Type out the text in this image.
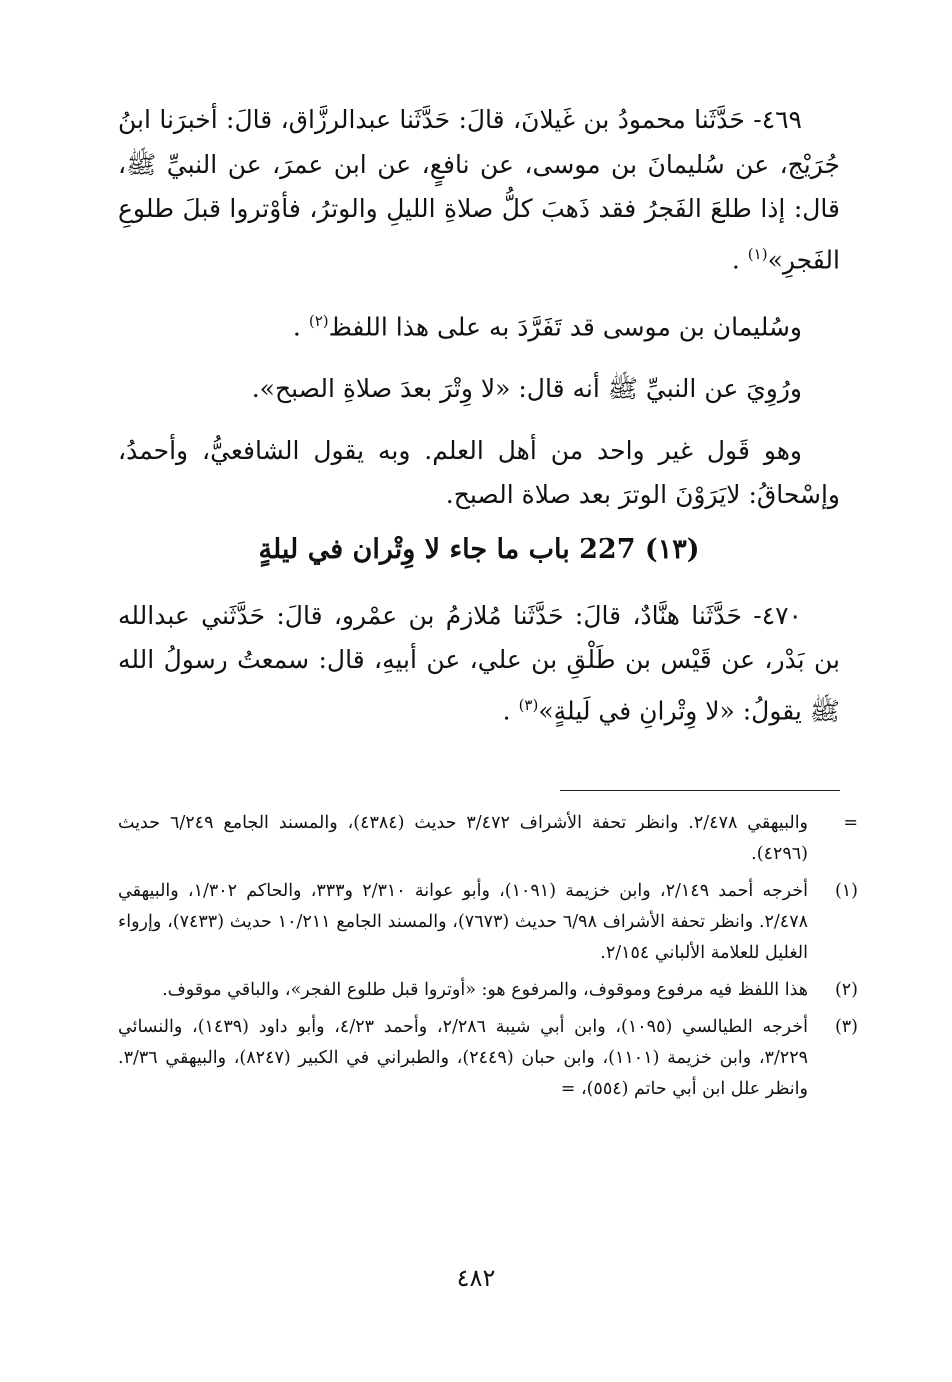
٤٦٩- حَدَّثَنا محمودُ بن غَيلانَ، قالَ: حَدَّثَنا عبدالرزَّاق، قالَ: أخبرَنا ابنُ جُرَيْج، عن سُليمانَ بن موسى، عن نافعٍ، عن ابن عمرَ، عن النبيِّ ﷺ، قال: إذا طلعَ الفَجرُ فقد ذَهبَ كلُّ صلاةِ الليلِ والوترُ، فأوْتروا قبلَ طلوعِ الفَجرِ»$^{(١)}$ .

وسُليمان بن موسى قد تَفَرَّدَ به على هذا اللفظ$^{(٢)}$ .

ورُوِيَ عن النبيِّ ﷺ أنه قال: «لا وِتْرَ بعدَ صلاةِ الصبح».

وهو قَول غير واحد من أهل العلم. وبه يقول الشافعيُّ، وأحمدُ، وإسْحاقُ: لايَرَوْنَ الوترَ بعد صلاة الصبح.

(١٣) 227 باب ما جاء لا وِتْران في ليلةٍ

٤٧٠- حَدَّثَنا هنَّادٌ، قالَ: حَدَّثَنا مُلازمُ بن عمْرو، قالَ: حَدَّثَني عبدالله بن بَدْر، عن قَيْس بن طَلْقِ بن علي، عن أبيهِ، قال: سمعتُ رسولُ الله ﷺ يقولُ: «لا وِتْرانِ في لَيلةٍ»$^{(٣)}$ .

=
والبيهقي ٢/٤٧٨. وانظر تحفة الأشراف ٣/٤٧٢ حديث (٤٣٨٤)، والمسند الجامع ٦/٢٤٩ حديث (٤٢٩٦).
(١)
أخرجه أحمد ٢/١٤٩، وابن خزيمة (١٠٩١)، وأبو عوانة ٢/٣١٠ و٣٣٣، والحاكم ١/٣٠٢، والبيهقي ٢/٤٧٨. وانظر تحفة الأشراف ٦/٩٨ حديث (٧٦٧٣)، والمسند الجامع ١٠/٢١١ حديث (٧٤٣٣)، وإرواء الغليل للعلامة الألباني ٢/١٥٤.
(٢)
هذا اللفظ فيه مرفوع وموقوف، والمرفوع هو: «أوتروا قبل طلوع الفجر»، والباقي موقوف.
(٣)
أخرجه الطيالسي (١٠٩٥)، وابن أبي شيبة ٢/٢٨٦، وأحمد ٤/٢٣، وأبو داود (١٤٣٩)، والنسائي ٣/٢٢٩، وابن خزيمة (١١٠١)، وابن حبان (٢٤٤٩)، والطبراني في الكبير (٨٢٤٧)، والبيهقي ٣/٣٦. وانظر علل ابن أبي حاتم (٥٥٤)، =
٤٨٢
